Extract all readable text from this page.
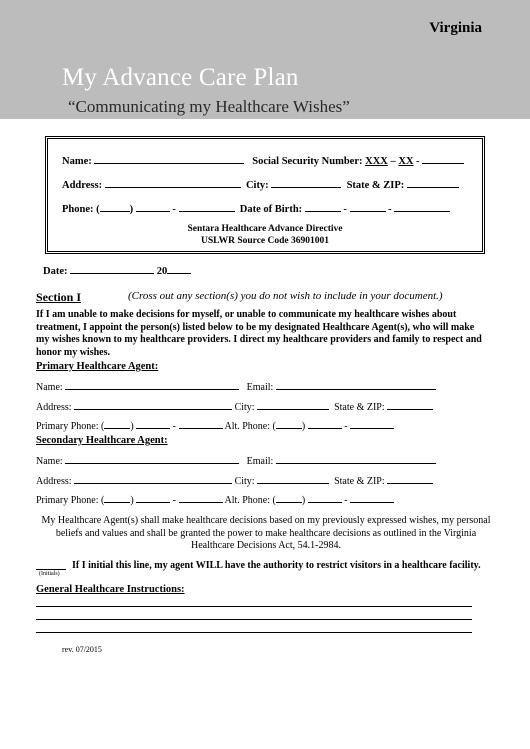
Virginia
My Advance Care Plan
“Communicating my Healthcare Wishes”
Name:	Social Security Number: XXX – XX -
Address:	City:	State & ZIP:
Phone: (	)	-	Date of Birth:	-	-
Sentara Healthcare Advance Directive
USLWR Source Code 36901001
Date:	20
Section I	(Cross out any section(s) you do not wish to include in your document.)
If I am unable to make decisions for myself, or unable to communicate my healthcare wishes about treatment, I appoint the person(s) listed below to be my designated Healthcare Agent(s), who will make my wishes known to my healthcare providers. I direct my healthcare providers and family to respect and honor my wishes.
Primary Healthcare Agent:
Name:	Email:
Address:	City:	State & ZIP:
Primary Phone: (	)	-	Alt. Phone: (	)	-
Secondary Healthcare Agent:
Name:	Email:
Address:	City:	State & ZIP:
Primary Phone: (	)	-	Alt. Phone: (	)	-
My Healthcare Agent(s) shall make healthcare decisions based on my previously expressed wishes, my personal beliefs and values and shall be granted the power to make healthcare decisions as outlined in the Virginia Healthcare Decisions Act, 54.1-2984.
(Initials)
If I initial this line, my agent WILL have the authority to restrict visitors in a healthcare facility.
General Healthcare Instructions:
rev. 07/2015
